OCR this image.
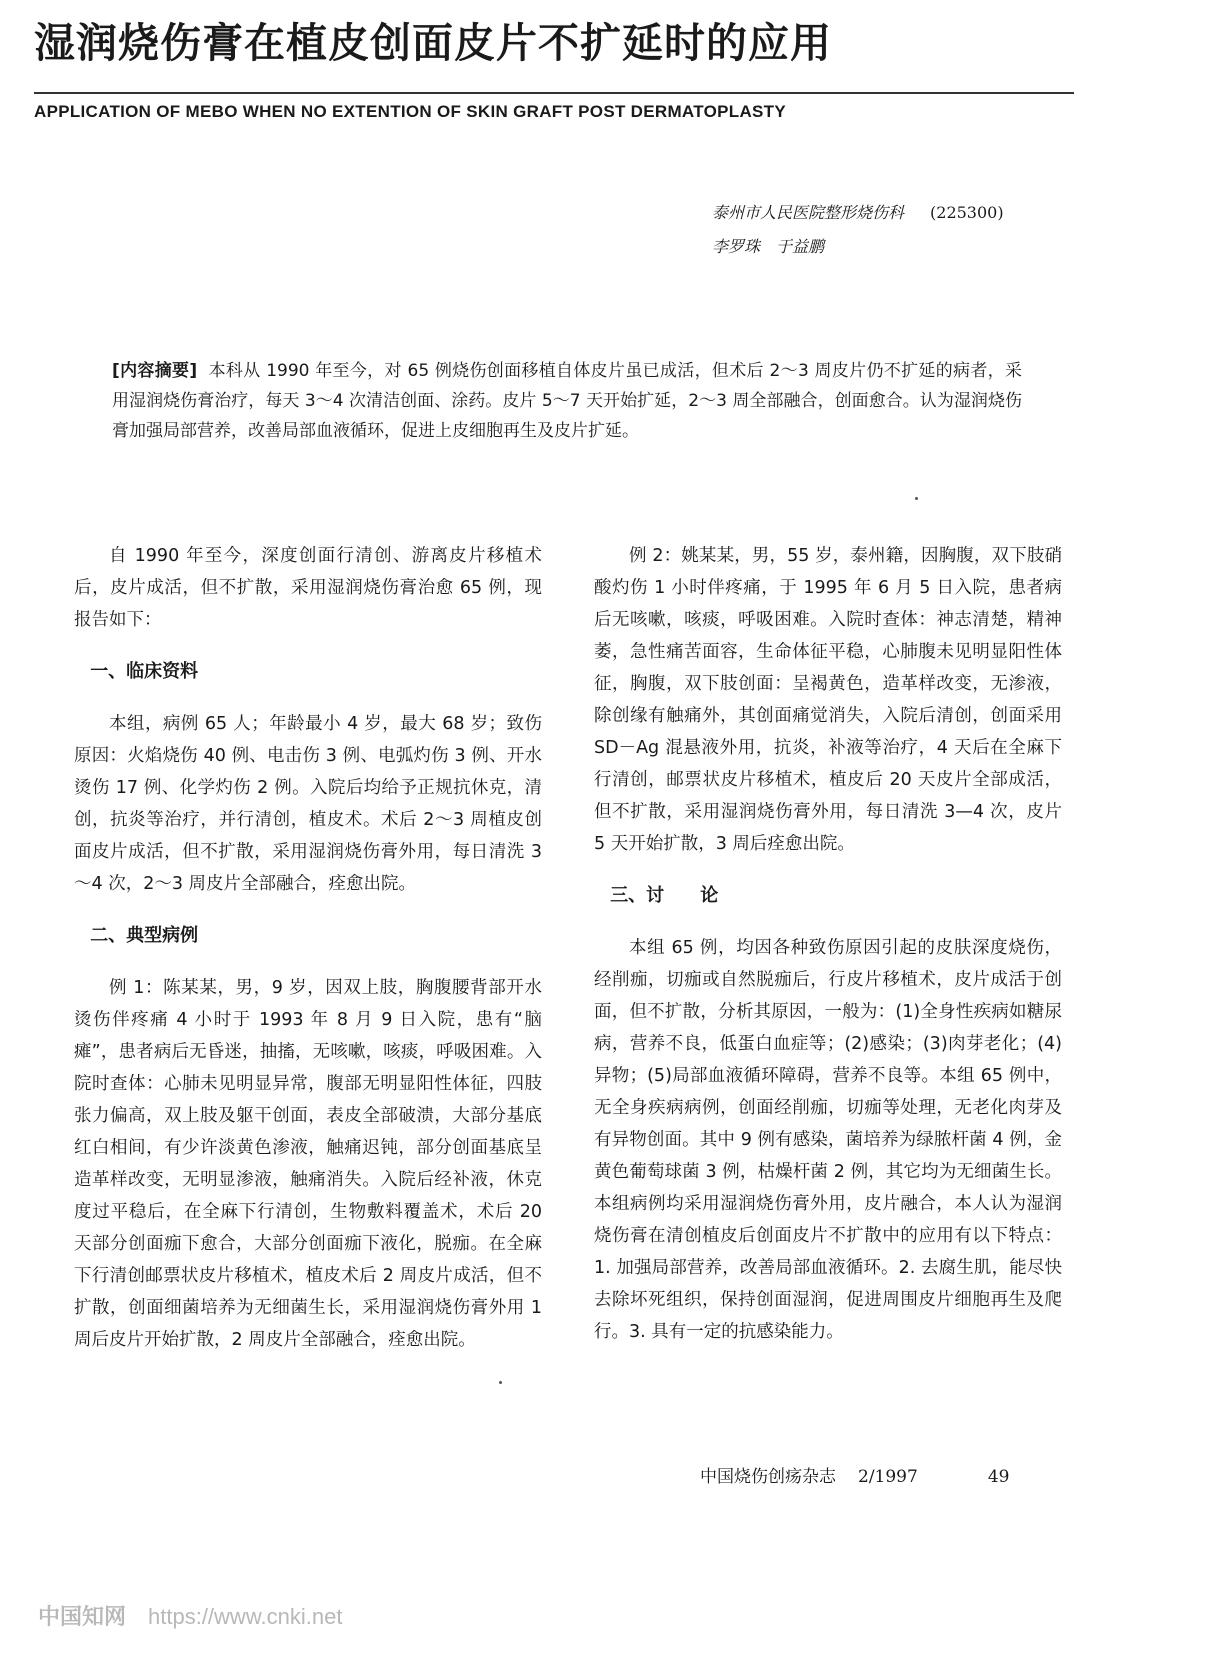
湿润烧伤膏在植皮创面皮片不扩延时的应用
APPLICATION OF MEBO WHEN NO EXTENTION OF SKIN GRAFT POST DERMATOPLASTY
泰州市人民医院整形烧伤科 (225300)
李罗珠　于益鹏
[内容摘要] 本科从 1990 年至今，对 65 例烧伤创面移植自体皮片虽已成活，但术后 2～3 周皮片仍不扩延的病者，采用湿润烧伤膏治疗，每天 3～4 次清洁创面、涂药。皮片 5～7 天开始扩延，2～3 周全部融合，创面愈合。认为湿润烧伤膏加强局部营养，改善局部血液循环，促进上皮细胞再生及皮片扩延。

自 1990 年至今，深度创面行清创、游离皮片移植术后，皮片成活，但不扩散，采用湿润烧伤膏治愈 65 例，现报告如下：

一、临床资料

本组，病例 65 人；年龄最小 4 岁，最大 68 岁；致伤原因：火焰烧伤 40 例、电击伤 3 例、电弧灼伤 3 例、开水烫伤 17 例、化学灼伤 2 例。入院后均给予正规抗休克，清创，抗炎等治疗，并行清创，植皮术。术后 2～3 周植皮创面皮片成活，但不扩散，采用湿润烧伤膏外用，每日清洗 3～4 次，2～3 周皮片全部融合，痊愈出院。

二、典型病例

例 1：陈某某，男，9 岁，因双上肢，胸腹腰背部开水烫伤伴疼痛 4 小时于 1993 年 8 月 9 日入院，患有“脑瘫”，患者病后无昏迷，抽搐，无咳嗽，咳痰，呼吸困难。入院时查体：心肺未见明显异常，腹部无明显阳性体征，四肢张力偏高，双上肢及躯干创面，表皮全部破溃，大部分基底红白相间，有少许淡黄色渗液，触痛迟钝，部分创面基底呈造革样改变，无明显渗液，触痛消失。入院后经补液，休克度过平稳后，在全麻下行清创，生物敷料覆盖术，术后 20 天部分创面痂下愈合，大部分创面痂下液化，脱痂。在全麻下行清创邮票状皮片移植术，植皮术后 2 周皮片成活，但不扩散，创面细菌培养为无细菌生长，采用湿润烧伤膏外用 1 周后皮片开始扩散，2 周皮片全部融合，痊愈出院。

例 2：姚某某，男，55 岁，泰州籍，因胸腹，双下肢硝酸灼伤 1 小时伴疼痛，于 1995 年 6 月 5 日入院，患者病后无咳嗽，咳痰，呼吸困难。入院时查体：神志清楚，精神萎，急性痛苦面容，生命体征平稳，心肺腹未见明显阳性体征，胸腹，双下肢创面：呈褐黄色，造革样改变，无渗液，除创缘有触痛外，其创面痛觉消失，入院后清创，创面采用 SD－Ag 混悬液外用，抗炎，补液等治疗，4 天后在全麻下行清创，邮票状皮片移植术，植皮后 20 天皮片全部成活，但不扩散，采用湿润烧伤膏外用，每日清洗 3—4 次，皮片 5 天开始扩散，3 周后痊愈出院。

三、讨 论

本组 65 例，均因各种致伤原因引起的皮肤深度烧伤，经削痂，切痂或自然脱痂后，行皮片移植术，皮片成活于创面，但不扩散，分析其原因，一般为：(1)全身性疾病如糖尿病，营养不良，低蛋白血症等；(2)感染；(3)肉芽老化；(4)异物；(5)局部血液循环障碍，营养不良等。本组 65 例中，无全身疾病病例，创面经削痂，切痂等处理，无老化肉芽及有异物创面。其中 9 例有感染，菌培养为绿脓杆菌 4 例，金黄色葡萄球菌 3 例，枯燥杆菌 2 例，其它均为无细菌生长。本组病例均采用湿润烧伤膏外用，皮片融合，本人认为湿润烧伤膏在清创植皮后创面皮片不扩散中的应用有以下特点：1. 加强局部营养，改善局部血液循环。2. 去腐生肌，能尽快去除坏死组织，保持创面湿润，促进周围皮片细胞再生及爬行。3. 具有一定的抗感染能力。

中国烧伤创疡杂志 2/1997	49
中国知网 https://www.cnki.net
